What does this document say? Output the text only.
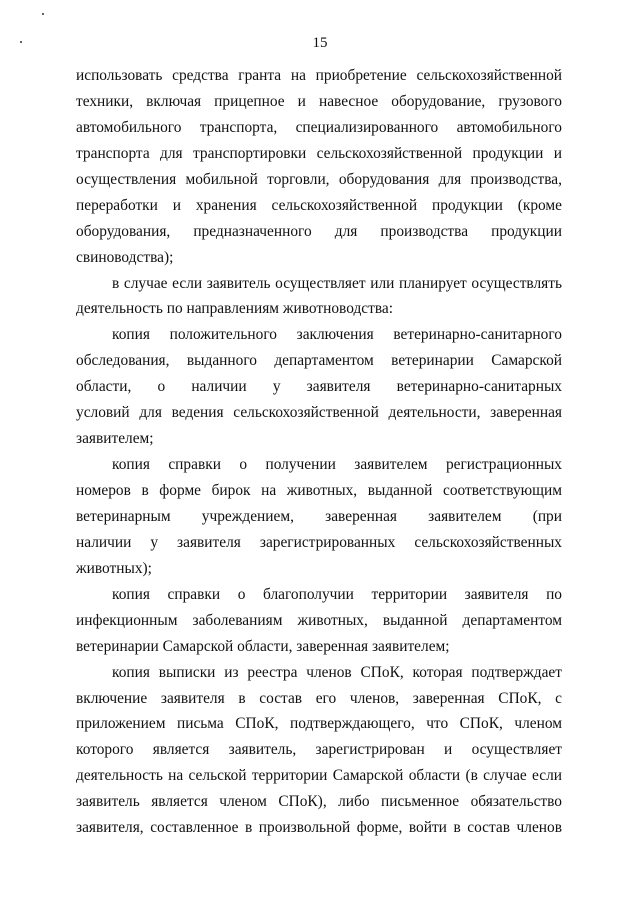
15
использовать средства гранта на приобретение сельскохозяйственной
техники, включая прицепное и навесное оборудование, грузового
автомобильного транспорта, специализированного автомобильного
транспорта для транспортировки сельскохозяйственной продукции и
осуществления мобильной торговли, оборудования для производства,
переработки и хранения сельскохозяйственной продукции (кроме
оборудования, предназначенного для производства продукции
свиноводства);
в случае если заявитель осуществляет или планирует осуществлять
деятельность по направлениям животноводства:
копия положительного заключения ветеринарно-санитарного
обследования, выданного департаментом ветеринарии Самарской
области, о наличии у заявителя ветеринарно-санитарных
условий для ведения сельскохозяйственной деятельности, заверенная
заявителем;
копия справки о получении заявителем регистрационных
номеров в форме бирок на животных, выданной соответствующим
ветеринарным учреждением, заверенная заявителем (при
наличии у заявителя зарегистрированных сельскохозяйственных
животных);
копия справки о благополучии территории заявителя по
инфекционным заболеваниям животных, выданной департаментом
ветеринарии Самарской области, заверенная заявителем;
копия выписки из реестра членов СПоК, которая подтверждает
включение заявителя в состав его членов, заверенная СПоК, с
приложением письма СПоК, подтверждающего, что СПоК, членом
которого является заявитель, зарегистрирован и осуществляет
деятельность на сельской территории Самарской области (в случае если
заявитель является членом СПоК), либо письменное обязательство
заявителя, составленное в произвольной форме, войти в состав членов
